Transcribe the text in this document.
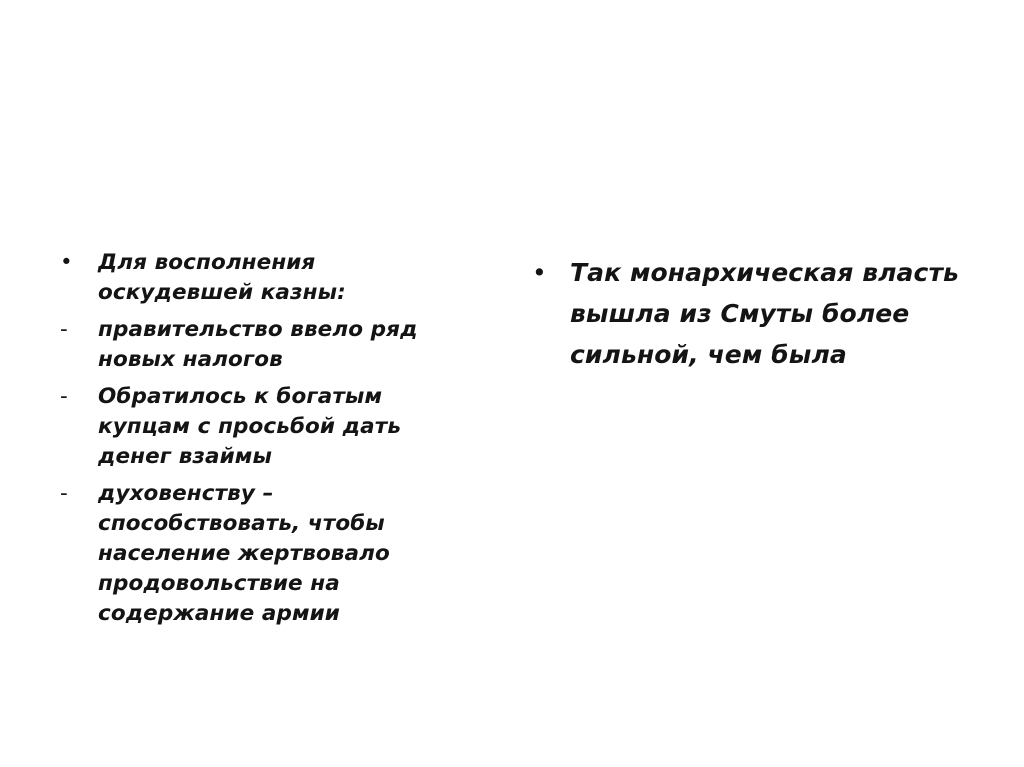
• Для восполнения оскудевшей казны:
- правительство ввело ряд новых налогов
- Обратилось к богатым купцам с просьбой дать денег взаймы
- духовенству – способствовать, чтобы население жертвовало продовольствие на содержание армии
• Так монархическая власть вышла из Смуты более сильной, чем была
